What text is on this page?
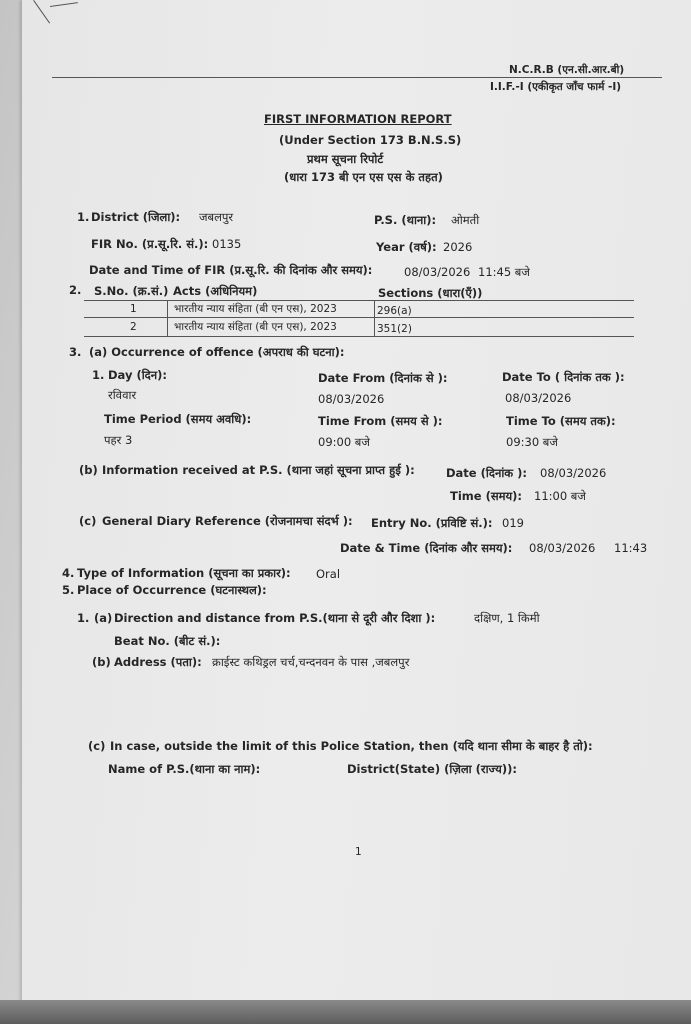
N.C.R.B (एन.सी.आर.बी)
I.I.F.-I (एकीकृत जाँच फार्म -I)
FIRST INFORMATION REPORT
(Under Section 173 B.N.S.S)
प्रथम सूचना रिपोर्ट
(धारा 173 बी एन एस एस के तहत)
1. District (जिला): जबलपुर	P.S. (थाना): ओमती
FIR No. (प्र.सू.रि. सं.): 0135	Year (वर्ष): 2026
Date and Time of FIR (प्र.सू.रि. की दिनांक और समय):	08/03/2026 11:45 बजे
2. S.No. (क्र.सं.) Acts (अधिनियम)	Sections (धारा(एँ))
1	भारतीय न्याय संहिता (बी एन एस), 2023	296(a)
2	भारतीय न्याय संहिता (बी एन एस), 2023	351(2)
3. (a) Occurrence of offence (अपराध की घटना):
1. Day (दिन):	Date From (दिनांक से ):	Date To ( दिनांक तक ):
रविवार	08/03/2026	08/03/2026
Time Period (समय अवधि):	Time From (समय से ):	Time To (समय तक):
पहर 3	09:00 बजे	09:30 बजे
(b) Information received at P.S. (थाना जहां सूचना प्राप्त हुई ):	Date (दिनांक ): 08/03/2026
Time (समय): 11:00 बजे
(c) General Diary Reference (रोजनामचा संदर्भ ): Entry No. (प्रविष्टि सं.): 019
Date & Time (दिनांक और समय): 08/03/2026 11:43
4. Type of Information (सूचना का प्रकार): Oral
5. Place of Occurrence (घटनास्थल):
1. (a) Direction and distance from P.S.(थाना से दूरी और दिशा ):	दक्षिण, 1 किमी
Beat No. (बीट सं.):
(b) Address (पता): क्राईस्ट कथिड्रल चर्च,चन्दनवन के पास ,जबलपुर
(c) In case, outside the limit of this Police Station, then (यदि थाना सीमा के बाहर है तो):
Name of P.S.(थाना का नाम):	District(State) (ज़िला (राज्य)):
1
